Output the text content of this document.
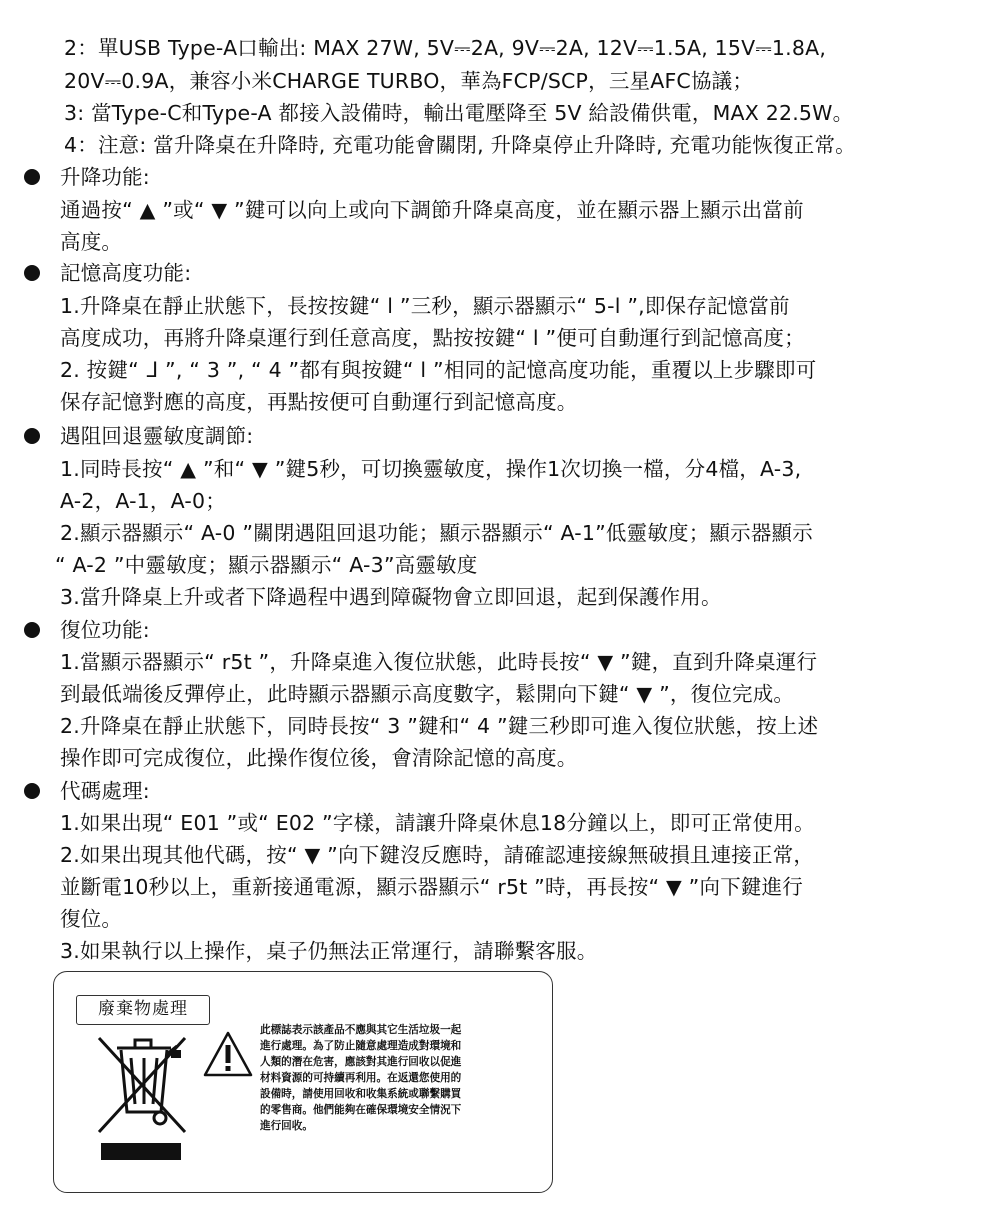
2：單USB Type-A口輸出: MAX 27W, 5V⎓2A, 9V⎓2A, 12V⎓1.5A, 15V⎓1.8A,
20V⎓0.9A，兼容小米CHARGE TURBO，華為FCP/SCP，三星AFC協議；
3: 當Type-C和Type-A 都接入設備時，輸出電壓降至 5V 給設備供電，MAX 22.5W。
4：注意: 當升降桌在升降時, 充電功能會關閉, 升降桌停止升降時, 充電功能恢復正常。
升降功能:
通過按“ ▲ ”或“ ▼ ”鍵可以向上或向下調節升降桌高度，並在顯示器上顯示出當前
高度。
記憶高度功能:
1.升降桌在靜止狀態下，長按按鍵“ ⅼ ”三秒，顯示器顯示“ 5-l ”,即保存記憶當前
高度成功，再將升降桌運行到任意高度，點按按鍵“ ⅼ ”便可自動運行到記憶高度；
2. 按鍵“ ᒧ ”, “ 3 ”, “ 4 ”都有與按鍵“ ⅼ ”相同的記憶高度功能，重覆以上步驟即可
保存記憶對應的高度，再點按便可自動運行到記憶高度。
遇阻回退靈敏度調節:
1.同時長按“ ▲ ”和“ ▼ ”鍵5秒，可切換靈敏度，操作1次切換一檔，分4檔，A-3,
A-2，A-1，A-0；
2.顯示器顯示“ A-0 ”關閉遇阻回退功能；顯示器顯示“ A-1”低靈敏度；顯示器顯示
“ A-2 ”中靈敏度；顯示器顯示“ A-3”高靈敏度
3.當升降桌上升或者下降過程中遇到障礙物會立即回退，起到保護作用。
復位功能:
1.當顯示器顯示“ r5t ”，升降桌進入復位狀態，此時長按“ ▼ ”鍵，直到升降桌運行
到最低端後反彈停止，此時顯示器顯示高度數字，鬆開向下鍵“ ▼ ”，復位完成。
2.升降桌在靜止狀態下，同時長按“ 3 ”鍵和“ 4 ”鍵三秒即可進入復位狀態，按上述
操作即可完成復位，此操作復位後，會清除記憶的高度。
代碼處理:
1.如果出現“ E01 ”或“ E02 ”字樣，請讓升降桌休息18分鐘以上，即可正常使用。
2.如果出現其他代碼，按“ ▼ ”向下鍵沒反應時，請確認連接線無破損且連接正常，
並斷電10秒以上，重新接通電源，顯示器顯示“ r5t ”時，再長按“ ▼ ”向下鍵進行
復位。
3.如果執行以上操作，桌子仍無法正常運行，請聯繫客服。
廢棄物處理
此標誌表示該產品不應與其它生活垃圾一起
進行處理。為了防止隨意處理造成對環境和
人類的潛在危害，應該對其進行回收以促進
材料資源的可持續再利用。在返還您使用的
設備時，請使用回收和收集系統或聯繫購買
的零售商。他們能夠在確保環境安全情況下
進行回收。
